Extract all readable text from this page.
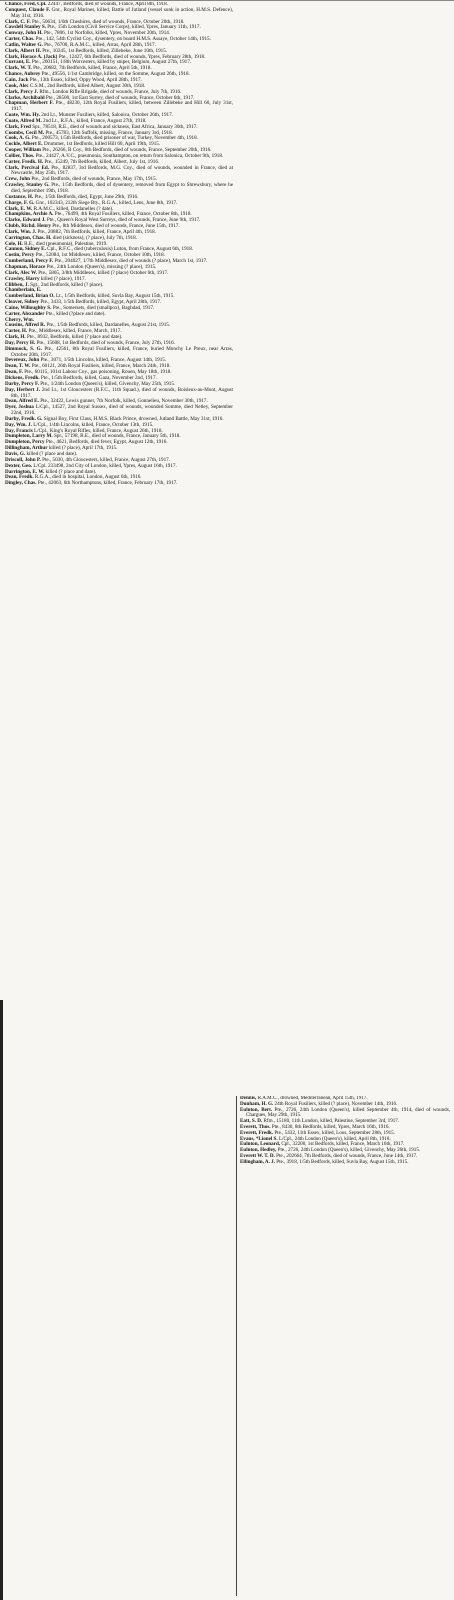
Chance, Fred, Cpl. 22447, Bedfords, died of wounds, France, April 8th, 1918.

Conquest, Claude F. Gnr., Royal Marines, killed, Battle of Jutland (vessel sunk in action, H.M.S. Defence), May 31st, 1916.

Clark, C. F. Pte., 50634, 1/6th Cheshires, died of wounds, France, October 20th, 1918.

Cawdell Stanley S. Pte., 15th London (Civil Service Corps), killed, Ypres, January 11th, 1917.

Conway, John H. Pte., 7806, 1st Norfolks, killed, Ypres, November 20th, 1914.

Carter, Chas. Pte., 142, 54th Cyclist Coy., dysentery, on board H.M.S. Assaye, October 14th, 1915.

Catlin, Walter G. Pte., 76700, R.A.M.C., killed, Arras, April 28th, 1917.

Clark, Albert H. Pte., 10245, 1st Bedfords, killed, Zillebeke, June 10th, 1915.

Clark, Horace A. (Jack) Pte., 12427, 6th Bedfords, died of wounds, Ypres, February 28th, 1918.

Currant, E. Pte., 260151, 1/8th Worcesters, killed by sniper, Belgium, August 27th, 1917.

Clark, W. T. Pte., 20682, 7th Bedfords, killed, France, April 5th, 1918.

Chance, Aubrey Pte., 49556, 1/1st Cambridge, killed, on the Somme, August 26th, 1918.

Cain, Jack Pte., 13th Essex, killed, Oppy Wood, April 28th, 1917.

Cook, Alec C.S.M., 2nd Bedfords, killed Albert, August 30th, 1918.

Clark, Percy J. Rfm., London Rifle Brigade, died of wounds, France, July 7th, 1916.

Clarke, Archibald Pte., 28500, 1st East Surrey, died of wounds, France, October 6th, 1917.

Chapman, Herbert F. Pte., 48230, 12th Royal Fusiliers, killed, between Zillebeke and Hill 60, July 31st, 1917.

Coate, Wm. Hy. 2nd Lt., Munster Fusiliers, killed, Salonica, October 26th, 1917.

Coate, Alfred M. 2nd Lt., R.F.A., killed, France, August 27th, 1918.

Clark, Fred Spr., 78518, R.E., died of wounds and sickness, East Africa, January 30th, 1917.

Coombs, Cecil M. Pte., 45783, 12th Suffolk, missing, France, January 3rd, 1918.

Cook, A. G. Pte., 200573, 1/5th Bedfords, died prisoner of war, Turkey, November 4th, 1918.

Cockle, Albert E. Drummer, 1st Bedfords, killed Hill 60, April 19th, 1915.

Cooper, William Pte., 26266, B Coy., 8th Bedfords, died of wounds, France, September 20th, 1916.

Collier, Thos. Pte., 24427, A.V.C., pneumonia, Southampton, on return from Salonica, October 9th, 1918.

Carter, Fredk. H. Pte., 15249, 7th Bedfords, killed, Albert, July 1st, 1916.

Clark, Percival Ed. Pte., 82837, 3rd Bedfords, M.G. Coy., died of wounds, wounded in France, died at Newcastle, May 25th, 1917.

Crew, John Pte., 2nd Bedfords, died of wounds, France, May 17th, 1915.

Crawley, Stanley G. Pte., 1/5th Bedfords, died of dysentery, removed from Egypt to Shrewsbury, where he died, September 19th, 1918.

Custance, H. Pte., 1/5th Bedfords, died, Egypt, June 29th, 1916.

Charge, F. G. Gnr., 102343, 212th Siege Bty., R.G.A., killed, Lens, June 8th, 1917.

Clark, E. W. R.A.M.C., killed, Dardanelles (? date).

Champkins, Archie A. Pte., 76499, 4th Royal Fusiliers, killed, France, October 8th, 1918.

Clarke, Edward J. Pte., Queen's Royal West Surreys, died of wounds, France, June 9th, 1917.

Clubb, Richd. Henry Pte., 8th Middlesex, died of wounds, France, June 15th, 1917.

Clark, Wm. J. Pte., 20882, 7th Bedfords, killed, France, April 4th, 1918.

Carrington, Chas. H. died (sickness), (? place), July 7th, 1918.

Cole, H. R.E., died (pneumonia), Palestine, 1919.

Cannon, Sidney E. Cpl., R.F.C., died (tuberculosis) Luton, from France, August 6th, 1918.

Costin, Percy Pte., 52084, 1st Middlesex, killed, France, October 10th, 1918.

Cumberland, Percy F. Pte., 204027, 1/7th Middlesex, died of wounds (? place), March 1st, 1917.

Chapman, Horace Pte., 24th London (Queen's), missing (? place), 1915.

Clark, Alec W. Pte., 5865, 3/8th Middlesex, killed (? place) October 6th, 1917.

Crawley, Harry killed (? place), 1917.

Clibben, J. Sgt., 2nd Bedfords, killed (? place).

Chamberlain, E.

Cumberland, Brian O. Lt., 1/5th Bedfords, killed, Suvla Bay, August 15th, 1915.

Cleaver, Sidney Pte., 3433, 1/5th Bedfords, killed, Egypt, April 28th, 1917.

Caine, Willoughby S. Pte., Somersets, died (smallpox), Baghdad, 1917.

Carter, Alexander Pte., killed (?place and date).

Cherry, Wm.

Cousins, Alfred R. Pte., 1/5th Bedfords, killed, Dardanelles, August 21st, 1915.

Carter, H. Pte., Middlesex, killed, France, March, 1917.

Clark, H. Pte., 8932, Bedfords, killed (? place and date).

Day, Percy H. Pte., 15608, 1st Bedfords, died of wounds, France, July 27th, 1916.

Dimmock, S. G. Pte., 42561, 8th Royal Fusiliers, killed, France, buried Monchy Le Preux, near Arras, October 20th, 1917.

Devereux, John Pte., 3071, 1/5th Lincolns, killed, France, August 14th, 1915.

Dean, T. W. Pte., 60121, 26th Royal Fusiliers, killed, France, March 24th, 1918.

Dean, F. Pte., 60115, 101st Labour Coy., gas poisoning, Rouen, May 18th, 1918.

Dickens, Fredk. Pte., 1/5th Bedfords, killed, Gaza, November 2nd, 1917.

Darby, Percy F. Pte., 1/24th London (Queen's), killed, Givenchy, May 25th, 1915.

Day, Herbert J. 2nd Lt., 1st Gloucesters (R.F.C., 11th Squad.), died of wounds, Boisleux-au-Mont, August 8th, 1917.

Dean, Alfred E. Pte., 32422, Lewis gunner, 7th Norfolk, killed, Gonnelieu, November 30th, 1917.

Dyer, Joshua L/Cpl., 14527, 2nd Royal Sussex, died of wounds, wounded Somme, died Netley, September 22nd, 1916.

Darby, Fredk. G. Signal Boy, First Class, H.M.S. Black Prince, drowned, Jutland Battle, May 31st, 1916.

Day, Wm. J. L/Cpl., 1/4th Lincolns, killed, France, October 13th, 1915.

Day, Francis L/Cpl., King's Royal Rifles, killed, France, August 26th, 1918.

Dumpleton, Larry M. Spr., 57198, R.E., died of wounds, France, January 5th, 1918.

Dumpleton, Percy Pte., 4621, Bedfords, died fever, Egypt, August 12th, 1916.

Dillingham, Arthur killed (? place), April 17th, 1915.

Davis, G. killed (? place and date).

Driscoll, John P. Pte., 5030, 4th Gloucesters, killed, France, August 27th, 1917.

Dexter, Geo. L/Cpl. 233498, 2nd City of London, killed, Ypres, August 16th, 1917.

Darrington, E. W. killed (? place and date).

Dean, Fredk. R.G.A., died in hospital, London, August 6th, 1916.

Dingley, Chas. Pte., 42063, 6th Northamptons, killed, France, February 17th, 1917.

Dennis, R.A.M.C., drowned, Mediterranean, April 15th, 1917.

Dunham, H. G. 24th Royal Fusiliers, killed (? place), November 14th, 1916.

Eulnton, Bert. Pte., 2726, 24th London (Queen's), killed September 4th, 1914, died of wounds, Chargues, May 29th, 1915.

Eatt, S. D. Rfm., 15180, 11th London, killed, Palestine, September 3rd, 1917.

Everett, Thos. Pte., 8430, 8th Bedfords, killed, Ypres, March 16th, 1916.

Everett, Fredk. Pte., 5432, 11th Essex, killed, Loos, September 28th, 1915.

Evans, *Lionel S. L/Cpl., 24th London (Queen's), killed, April 8th, 1918.

Eulnton, Leonard, Cpl., 32200, 1st Bedfords, killed, France, March 16th, 1917.

Eulnton, Hedley, Pte., 2726, 24th London (Queen's), killed, Givenchy, May 26th, 1915.

Everett W. T. D. Pte., 202664, 7th Bedfords, died of wounds, France, June 14th, 1917.

Ellingham, A. J. Pte., 3918, 1/5th Bedfords, killed, Suvla Bay, August 15th, 1915.
